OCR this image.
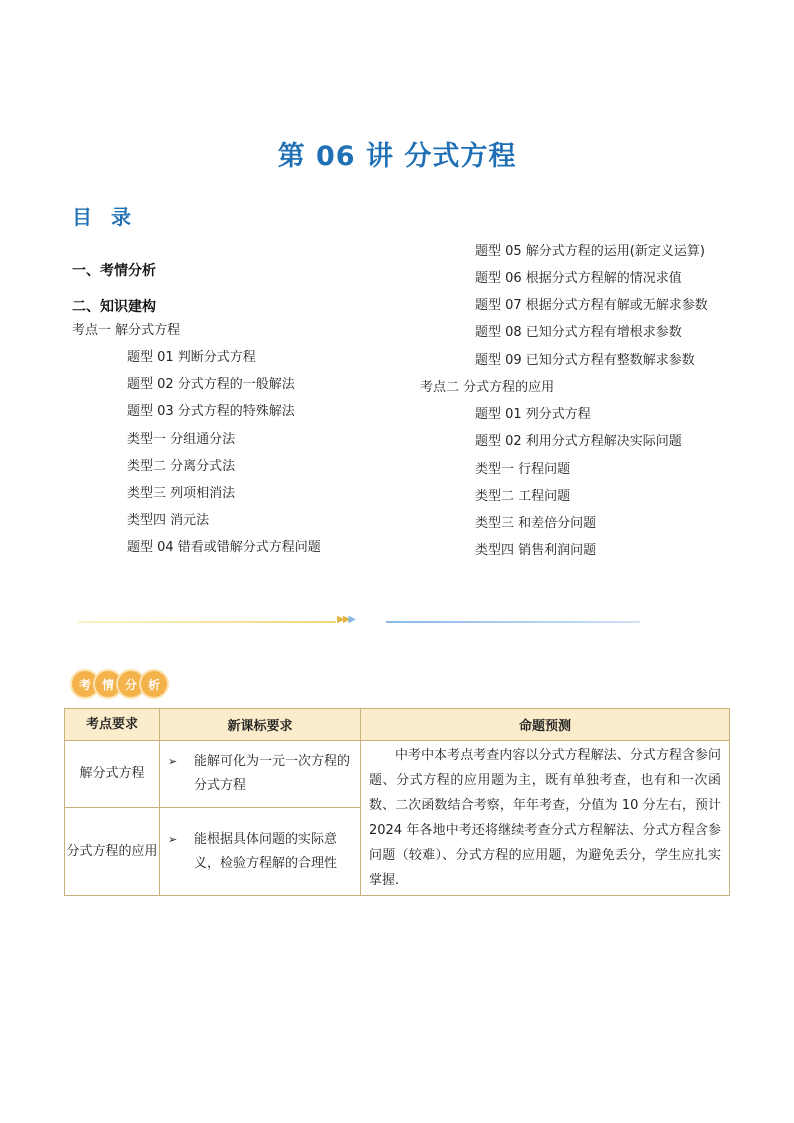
第 06 讲 分式方程
目 录
一、考情分析
二、知识建构
考点一 解分式方程
题型 01 判断分式方程
题型 02 分式方程的一般解法
题型 03 分式方程的特殊解法
类型一 分组通分法
类型二 分离分式法
类型三 列项相消法
类型四 消元法
题型 04 错看或错解分式方程问题
题型 05 解分式方程的运用(新定义运算)
题型 06 根据分式方程解的情况求值
题型 07 根据分式方程有解或无解求参数
题型 08 已知分式方程有增根求参数
题型 09 已知分式方程有整数解求参数
考点二 分式方程的应用
题型 01 列分式方程
题型 02 利用分式方程解决实际问题
类型一 行程问题
类型二 工程问题
类型三 和差倍分问题
类型四 销售利润问题
▶▶▶
考 情 分 析
考点要求	新课标要求	命题预测
解分式方程	➢ 能解可化为一元一次方程的分式方程	中考中本考点考查内容以分式方程解法、分式方程含参问题、分式方程的应用题为主，既有单独考查，也有和一次函数、二次函数结合考察，年年考查，分值为 10 分左右，预计 2024 年各地中考还将继续考查分式方程解法、分式方程含参问题（较难）、分式方程的应用题，为避免丢分，学生应扎实掌握.

分式方程的应用	➢ 能根据具体问题的实际意义，检验方程解的合理性	
